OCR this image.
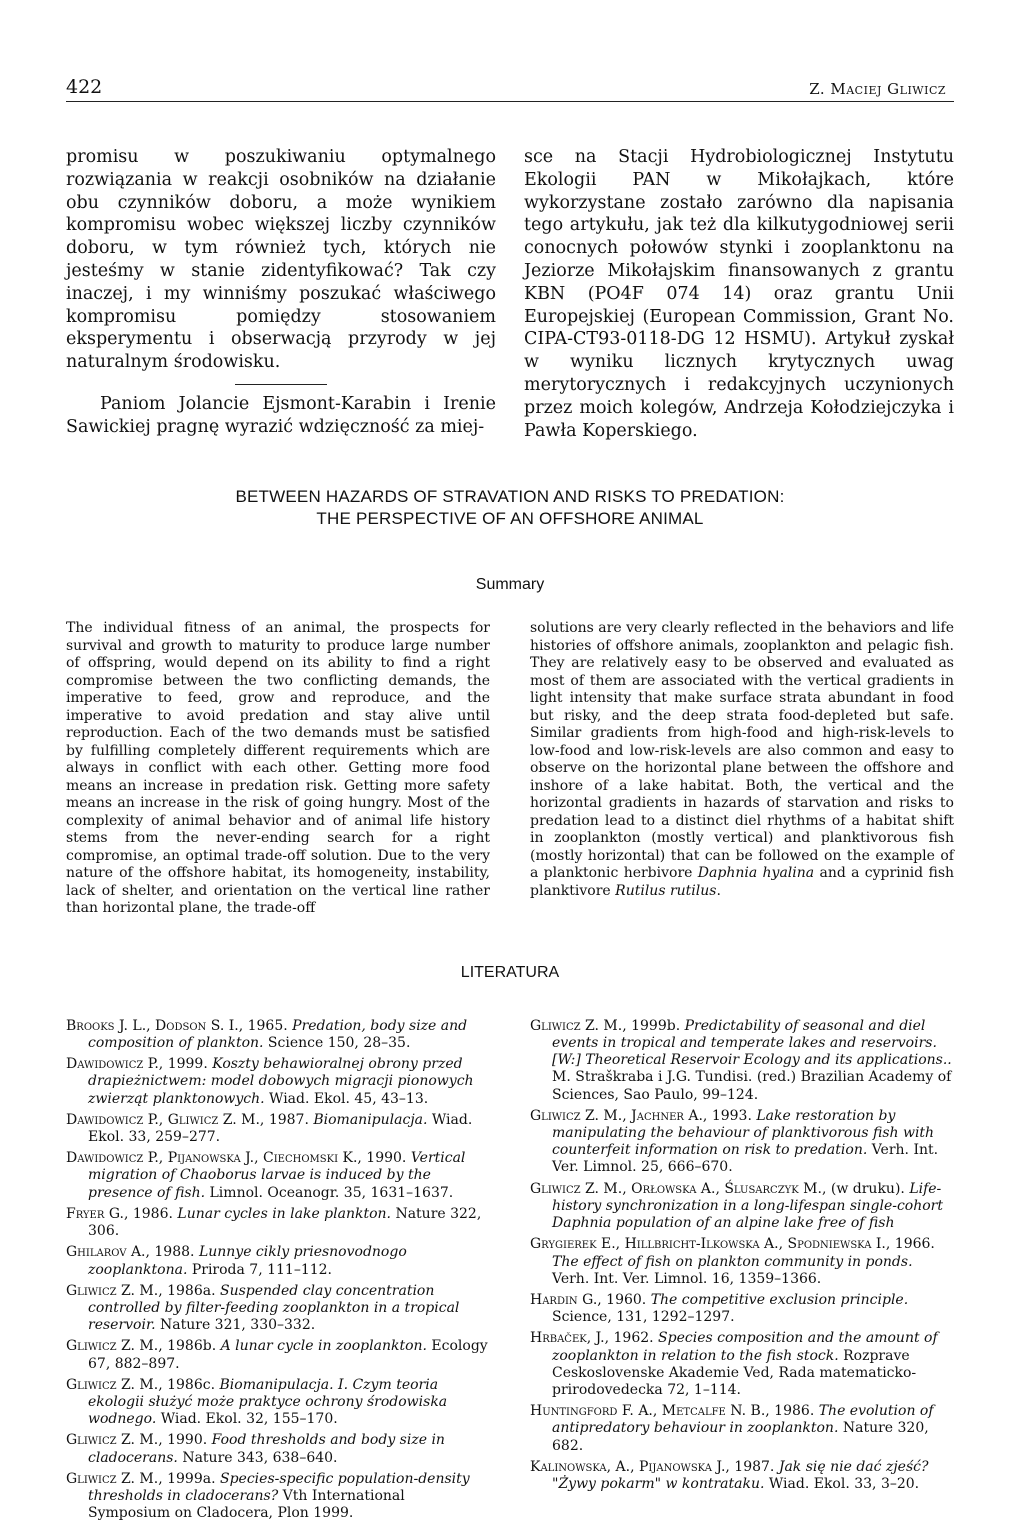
422	Z. Maciej Gliwicz

promisu w poszukiwaniu optymalnego rozwiązania w reakcji osobników na działanie obu czynników doboru, a może wynikiem kompromisu wobec większej liczby czynników doboru, w tym również tych, których nie jesteśmy w stanie zidentyfikować? Tak czy inaczej, i my winniśmy poszukać właściwego kompromisu pomiędzy stosowaniem eksperymentu i obserwacją przyrody w jej naturalnym środowisku.

Paniom Jolancie Ejsmont-Karabin i Irenie Sawickiej pragnę wyrazić wdzięczność za miej-

sce na Stacji Hydrobiologicznej Instytutu Ekologii PAN w Mikołajkach, które wykorzystane zostało zarówno dla napisania tego artykułu, jak też dla kilkutygodniowej serii conocnych połowów stynki i zooplanktonu na Jeziorze Mikołajskim finansowanych z grantu KBN (PO4F 074 14) oraz grantu Unii Europejskiej (European Commission, Grant No. CIPA-CT93-0118-DG 12 HSMU). Artykuł zyskał w wyniku licznych krytycznych uwag merytorycznych i redakcyjnych uczynionych przez moich kolegów, Andrzeja Kołodziejczyka i Pawła Koperskiego.

BETWEEN HAZARDS OF STRAVATION AND RISKS TO PREDATION:
THE PERSPECTIVE OF AN OFFSHORE ANIMAL
Summary

The individual fitness of an animal, the prospects for survival and growth to maturity to produce large number of offspring, would depend on its ability to find a right compromise between the two conflicting demands, the imperative to feed, grow and reproduce, and the imperative to avoid predation and stay alive until reproduction. Each of the two demands must be satisfied by fulfilling completely different requirements which are always in conflict with each other. Getting more food means an increase in predation risk. Getting more safety means an increase in the risk of going hungry. Most of the complexity of animal behavior and of animal life history stems from the never-ending search for a right compromise, an optimal trade-off solution. Due to the very nature of the offshore habitat, its homogeneity, instability, lack of shelter, and orientation on the vertical line rather than horizontal plane, the trade-off

solutions are very clearly reflected in the behaviors and life histories of offshore animals, zooplankton and pelagic fish. They are relatively easy to be observed and evaluated as most of them are associated with the vertical gradients in light intensity that make surface strata abundant in food but risky, and the deep strata food-depleted but safe. Similar gradients from high-food and high-risk-levels to low-food and low-risk-levels are also common and easy to observe on the horizontal plane between the offshore and inshore of a lake habitat. Both, the vertical and the horizontal gradients in hazards of starvation and risks to predation lead to a distinct diel rhythms of a habitat shift in zooplankton (mostly vertical) and planktivorous fish (mostly horizontal) that can be followed on the example of a planktonic herbivore Daphnia hyalina and a cyprinid fish planktivore Rutilus rutilus.

LITERATURA

Brooks J. L., Dodson S. I., 1965. Predation, body size and composition of plankton. Science 150, 28–35.

Dawidowicz P., 1999. Koszty behawioralnej obrony przed drapieżnictwem: model dobowych migracji pionowych zwierząt planktonowych. Wiad. Ekol. 45, 43–13.

Dawidowicz P., Gliwicz Z. M., 1987. Biomanipulacja. Wiad. Ekol. 33, 259–277.

Dawidowicz P., Pijanowska J., Ciechomski K., 1990. Vertical migration of Chaoborus larvae is induced by the presence of fish. Limnol. Oceanogr. 35, 1631–1637.

Fryer G., 1986. Lunar cycles in lake plankton. Nature 322, 306.

Ghilarov A., 1988. Lunnye cikly priesnovodnogo zooplanktona. Priroda 7, 111–112.

Gliwicz Z. M., 1986a. Suspended clay concentration controlled by filter-feeding zooplankton in a tropical reservoir. Nature 321, 330–332.

Gliwicz Z. M., 1986b. A lunar cycle in zooplankton. Ecology 67, 882–897.

Gliwicz Z. M., 1986c. Biomanipulacja. I. Czym teoria ekologii służyć może praktyce ochrony środowiska wodnego. Wiad. Ekol. 32, 155–170.

Gliwicz Z. M., 1990. Food thresholds and body size in cladocerans. Nature 343, 638–640.

Gliwicz Z. M., 1999a. Species-specific population-density thresholds in cladocerans? Vth International Symposium on Cladocera, Plon 1999.

Gliwicz Z. M., 1999b. Predictability of seasonal and diel events in tropical and temperate lakes and reservoirs. [W:] Theoretical Reservoir Ecology and its applications.. M. Straškraba i J.G. Tundisi. (red.) Brazilian Academy of Sciences, Sao Paulo, 99–124.

Gliwicz Z. M., Jachner A., 1993. Lake restoration by manipulating the behaviour of planktivorous fish with counterfeit information on risk to predation. Verh. Int. Ver. Limnol. 25, 666–670.

Gliwicz Z. M., Orłowska A., Ślusarczyk M., (w druku). Life-history synchronization in a long-lifespan single-cohort Daphnia population of an alpine lake free of fish

Grygierek E., Hillbricht-Ilkowska A., Spodniewska I., 1966. The effect of fish on plankton community in ponds. Verh. Int. Ver. Limnol. 16, 1359–1366.

Hardin G., 1960. The competitive exclusion principle. Science, 131, 1292–1297.

Hrbaček, J., 1962. Species composition and the amount of zooplankton in relation to the fish stock. Rozprave Ceskoslovenske Akademie Ved, Rada matematicko-prirodovedecka 72, 1–114.

Huntingford F. A., Metcalfe N. B., 1986. The evolution of antipredatory behaviour in zooplankton. Nature 320, 682.

Kalinowska, A., Pijanowska J., 1987. Jak się nie dać zjeść? "Żywy pokarm" w kontrataku. Wiad. Ekol. 33, 3–20.
